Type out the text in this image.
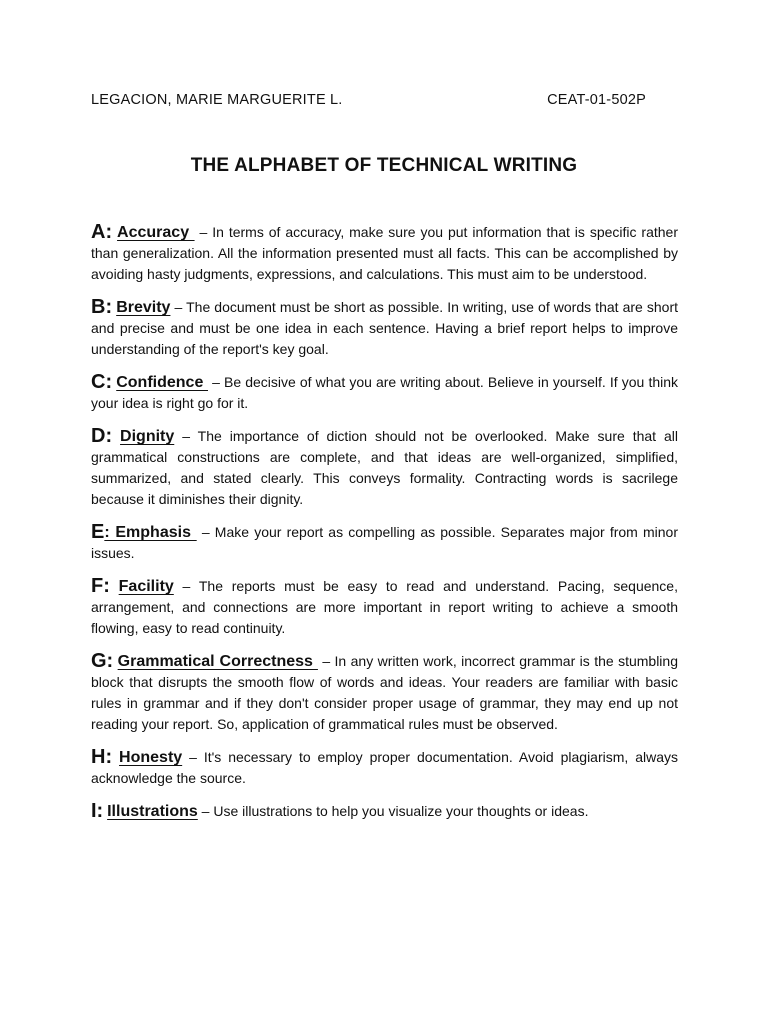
LEGACION, MARIE MARGUERITE L.	CEAT-01-502P
THE ALPHABET OF TECHNICAL WRITING

A: Accuracy  – In terms of accuracy, make sure you put information that is specific rather than generalization. All the information presented must all facts. This can be accomplished by avoiding hasty judgments, expressions, and calculations. This must aim to be understood.

B: Brevity – The document must be short as possible. In writing, use of words that are short and precise and must be one idea in each sentence. Having a brief report helps to improve understanding of the report's key goal.

C: Confidence  – Be decisive of what you are writing about. Believe in yourself. If you think your idea is right go for it.

D: Dignity – The importance of diction should not be overlooked. Make sure that all grammatical constructions are complete, and that ideas are well-organized, simplified, summarized, and stated clearly. This conveys formality. Contracting words is sacrilege because it diminishes their dignity.

E: Emphasis  – Make your report as compelling as possible. Separates major from minor issues.

F: Facility – The reports must be easy to read and understand. Pacing, sequence, arrangement, and connections are more important in report writing to achieve a smooth flowing, easy to read continuity.

G: Grammatical Correctness  – In any written work, incorrect grammar is the stumbling block that disrupts the smooth flow of words and ideas. Your readers are familiar with basic rules in grammar and if they don't consider proper usage of grammar, they may end up not reading your report. So, application of grammatical rules must be observed.

H: Honesty – It's necessary to employ proper documentation. Avoid plagiarism, always acknowledge the source.

I: Illustrations – Use illustrations to help you visualize your thoughts or ideas.
